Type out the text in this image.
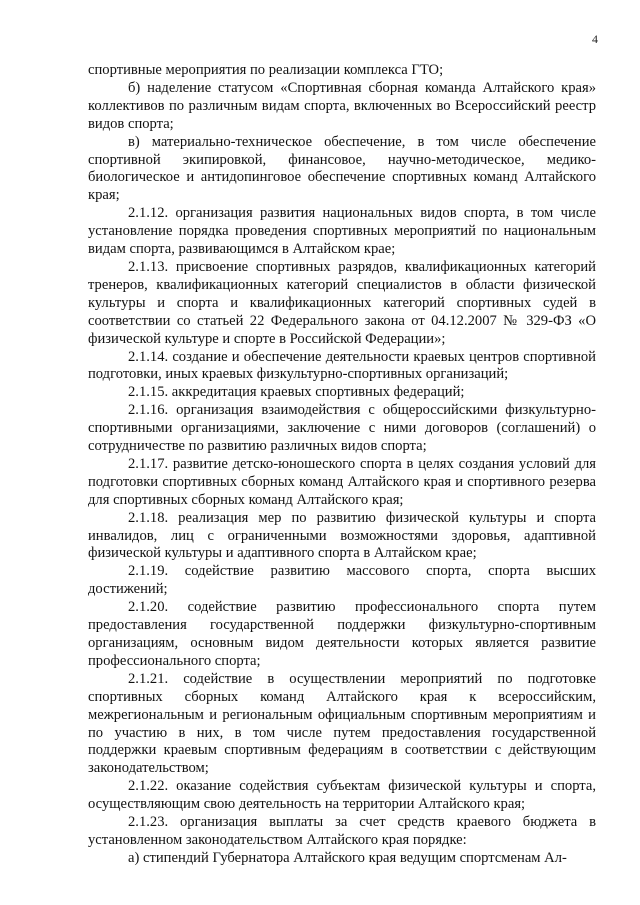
4

спортивные мероприятия по реализации комплекса ГТО;

б) наделение статусом «Спортивная сборная команда Алтайского края» коллективов по различным видам спорта, включенных во Всероссийский реестр видов спорта;

в) материально-техническое обеспечение, в том числе обеспечение спортивной экипировкой, финансовое, научно-методическое, медико-биологическое и антидопинговое обеспечение спортивных команд Алтайского края;

2.1.12. организация развития национальных видов спорта, в том числе установление порядка проведения спортивных мероприятий по национальным видам спорта, развивающимся в Алтайском крае;

2.1.13. присвоение спортивных разрядов, квалификационных категорий тренеров, квалификационных категорий специалистов в области физической культуры и спорта и квалификационных категорий спортивных судей в соответствии со статьей 22 Федерального закона от 04.12.2007 № 329-ФЗ «О физической культуре и спорте в Российской Федерации»;

2.1.14. создание и обеспечение деятельности краевых центров спортивной подготовки, иных краевых физкультурно-спортивных организаций;

2.1.15. аккредитация краевых спортивных федераций;

2.1.16. организация взаимодействия с общероссийскими физкультурно-спортивными организациями, заключение с ними договоров (соглашений) о сотрудничестве по развитию различных видов спорта;

2.1.17. развитие детско-юношеского спорта в целях создания условий для подготовки спортивных сборных команд Алтайского края и спортивного резерва для спортивных сборных команд Алтайского края;

2.1.18. реализация мер по развитию физической культуры и спорта инвалидов, лиц с ограниченными возможностями здоровья, адаптивной физической культуры и адаптивного спорта в Алтайском крае;

2.1.19. содействие развитию массового спорта, спорта высших достижений;

2.1.20. содействие развитию профессионального спорта путем предоставления государственной поддержки физкультурно-спортивным организациям, основным видом деятельности которых является развитие профессионального спорта;

2.1.21. содействие в осуществлении мероприятий по подготовке спортивных сборных команд Алтайского края к всероссийским, межрегиональным и региональным официальным спортивным мероприятиям и по участию в них, в том числе путем предоставления государственной поддержки краевым спортивным федерациям в соответствии с действующим законодательством;

2.1.22. оказание содействия субъектам физической культуры и спорта, осуществляющим свою деятельность на территории Алтайского края;

2.1.23. организация выплаты за счет средств краевого бюджета в установленном законодательством Алтайского края порядке:

а) стипендий Губернатора Алтайского края ведущим спортсменам Ал-
